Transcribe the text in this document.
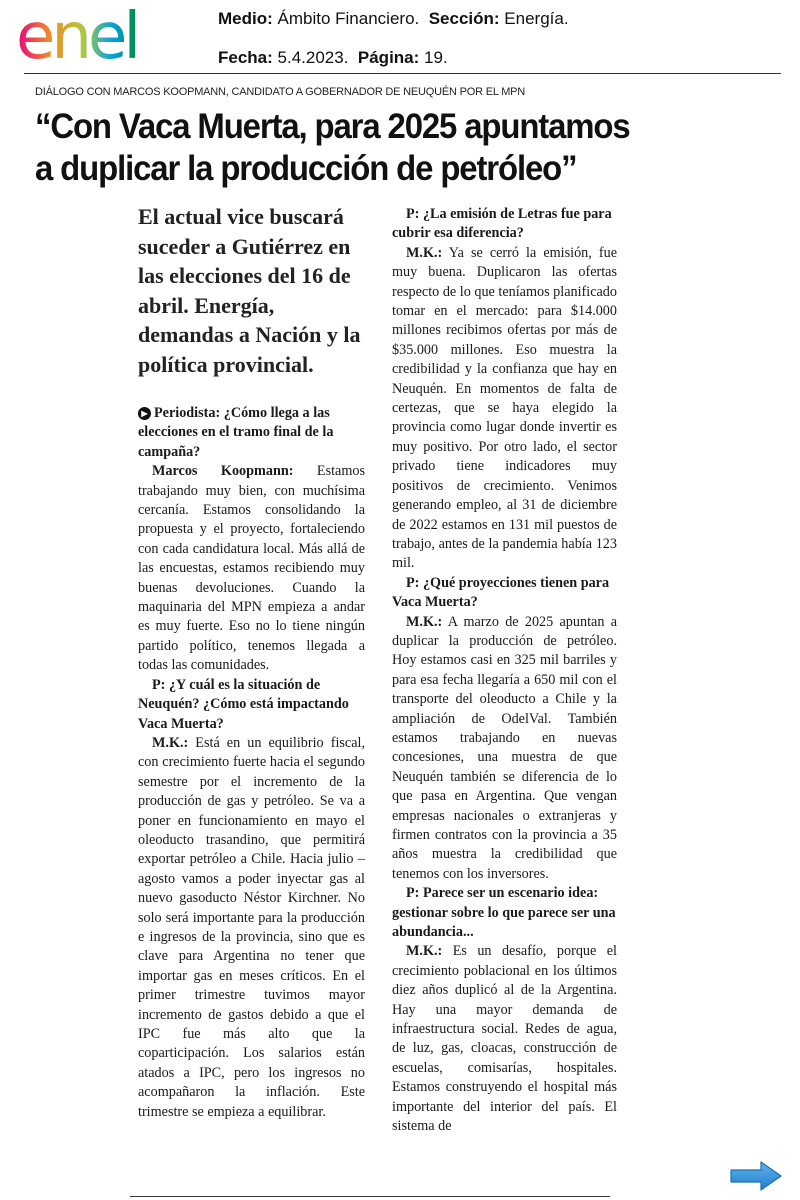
enel	Medio: Ámbito Financiero. Sección: Energía.
Fecha: 5.4.2023. Página: 19.
DIÁLOGO CON MARCOS KOOPMANN, CANDIDATO A GOBERNADOR DE NEUQUÉN POR EL MPN
“Con Vaca Muerta, para 2025 apuntamos
a duplicar la producción de petróleo”
El actual vice buscará suceder a Gutiérrez en las elecciones del 16 de abril. Energía, demandas a Nación y la política provincial.

▶ Periodista: ¿Cómo llega a las elecciones en el tramo final de la campaña?

Marcos Koopmann: Estamos trabajando muy bien, con muchísima cercanía. Estamos consolidando la propuesta y el proyecto, fortaleciendo con cada candidatura local. Más allá de las encuestas, estamos recibiendo muy buenas devoluciones. Cuando la maquinaria del MPN empieza a andar es muy fuerte. Eso no lo tiene ningún partido político, tenemos llegada a todas las comunidades.

P: ¿Y cuál es la situación de Neuquén? ¿Cómo está impactando Vaca Muerta?

M.K.: Está en un equilibrio fiscal, con crecimiento fuerte hacia el segundo semestre por el incremento de la producción de gas y petróleo. Se va a poner en funcionamiento en mayo el oleoducto trasandino, que permitirá exportar petróleo a Chile. Hacia julio – agosto vamos a poder inyectar gas al nuevo gasoducto Néstor Kirchner. No solo será importante para la producción e ingresos de la provincia, sino que es clave para Argentina no tener que importar gas en meses críticos. En el primer trimestre tuvimos mayor incremento de gastos debido a que el IPC fue más alto que la coparticipación. Los salarios están atados a IPC, pero los ingresos no acompañaron la inflación. Este trimestre se empieza a equilibrar.

P: ¿La emisión de Letras fue para cubrir esa diferencia?

M.K.: Ya se cerró la emisión, fue muy buena. Duplicaron las ofertas respecto de lo que teníamos planificado tomar en el mercado: para $14.000 millones recibimos ofertas por más de $35.000 millones. Eso muestra la credibilidad y la confianza que hay en Neuquén. En momentos de falta de certezas, que se haya elegido la provincia como lugar donde invertir es muy positivo. Por otro lado, el sector privado tiene indicadores muy positivos de crecimiento. Venimos generando empleo, al 31 de diciembre de 2022 estamos en 131 mil puestos de trabajo, antes de la pandemia había 123 mil.

P: ¿Qué proyecciones tienen para Vaca Muerta?

M.K.: A marzo de 2025 apuntan a duplicar la producción de petróleo. Hoy estamos casi en 325 mil barriles y para esa fecha llegaría a 650 mil con el transporte del oleoducto a Chile y la ampliación de OdelVal. También estamos trabajando en nuevas concesiones, una muestra de que Neuquén también se diferencia de lo que pasa en Argentina. Que vengan empresas nacionales o extranjeras y firmen contratos con la provincia a 35 años muestra la credibilidad que tenemos con los inversores.

P: Parece ser un escenario idea: gestionar sobre lo que parece ser una abundancia...

M.K.: Es un desafío, porque el crecimiento poblacional en los últimos diez años duplicó al de la Argentina. Hay una mayor demanda de infraestructura social. Redes de agua, de luz, gas, cloacas, construcción de escuelas, comisarías, hospitales. Estamos construyendo el hospital más importante del interior del país. El sistema de
